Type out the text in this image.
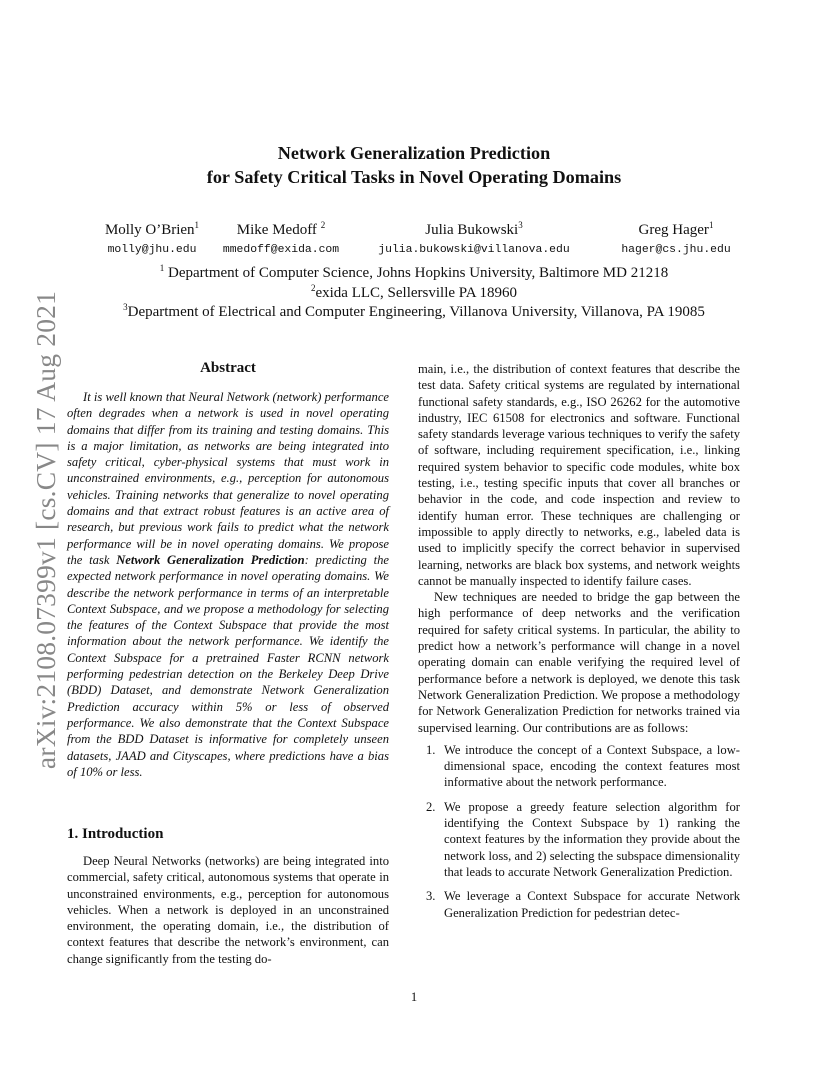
arXiv:2108.07399v1 [cs.CV] 17 Aug 2021
Network Generalization Prediction
for Safety Critical Tasks in Novel Operating Domains
Molly O’Brien$^1$
molly@jhu.edu
Mike Medoff $^2$
mmedoff@exida.com
Julia Bukowski$^3$
julia.bukowski@villanova.edu
Greg Hager$^1$
hager@cs.jhu.edu
$^1$ Department of Computer Science, Johns Hopkins University, Baltimore MD 21218
$^2$exida LLC, Sellersville PA 18960
$^3$Department of Electrical and Computer Engineering, Villanova University, Villanova, PA 19085
Abstract

It is well known that Neural Network (network) performance often degrades when a network is used in novel operating domains that differ from its training and testing domains. This is a major limitation, as networks are being integrated into safety critical, cyber-physical systems that must work in unconstrained environments, e.g., perception for autonomous vehicles. Training networks that generalize to novel operating domains and that extract robust features is an active area of research, but previous work fails to predict what the network performance will be in novel operating domains. We propose the task Network Generalization Prediction: predicting the expected network performance in novel operating domains. We describe the network performance in terms of an interpretable Context Subspace, and we propose a methodology for selecting the features of the Context Subspace that provide the most information about the network performance. We identify the Context Subspace for a pretrained Faster RCNN network performing pedestrian detection on the Berkeley Deep Drive (BDD) Dataset, and demonstrate Network Generalization Prediction accuracy within 5% or less of observed performance. We also demonstrate that the Context Subspace from the BDD Dataset is informative for completely unseen datasets, JAAD and Cityscapes, where predictions have a bias of 10% or less.

1. Introduction

Deep Neural Networks (networks) are being integrated into commercial, safety critical, autonomous systems that operate in unconstrained environments, e.g., perception for autonomous vehicles. When a network is deployed in an unconstrained environment, the operating domain, i.e., the distribution of context features that describe the network’s environment, can change significantly from the testing do-

main, i.e., the distribution of context features that describe the test data. Safety critical systems are regulated by international functional safety standards, e.g., ISO 26262 for the automotive industry, IEC 61508 for electronics and software. Functional safety standards leverage various techniques to verify the safety of software, including requirement specification, i.e., linking required system behavior to specific code modules, white box testing, i.e., testing specific inputs that cover all branches or behavior in the code, and code inspection and review to identify human error. These techniques are challenging or impossible to apply directly to networks, e.g., labeled data is used to implicitly specify the correct behavior in supervised learning, networks are black box systems, and network weights cannot be manually inspected to identify failure cases.

New techniques are needed to bridge the gap between the high performance of deep networks and the verification required for safety critical systems. In particular, the ability to predict how a network’s performance will change in a novel operating domain can enable verifying the required level of performance before a network is deployed, we denote this task Network Generalization Prediction. We propose a methodology for Network Generalization Prediction for networks trained via supervised learning. Our contributions are as follows:

1. We introduce the concept of a Context Subspace, a low-dimensional space, encoding the context features most informative about the network performance.
2. We propose a greedy feature selection algorithm for identifying the Context Subspace by 1) ranking the context features by the information they provide about the network loss, and 2) selecting the subspace dimensionality that leads to accurate Network Generalization Prediction.
3. We leverage a Context Subspace for accurate Network Generalization Prediction for pedestrian detec-
1
